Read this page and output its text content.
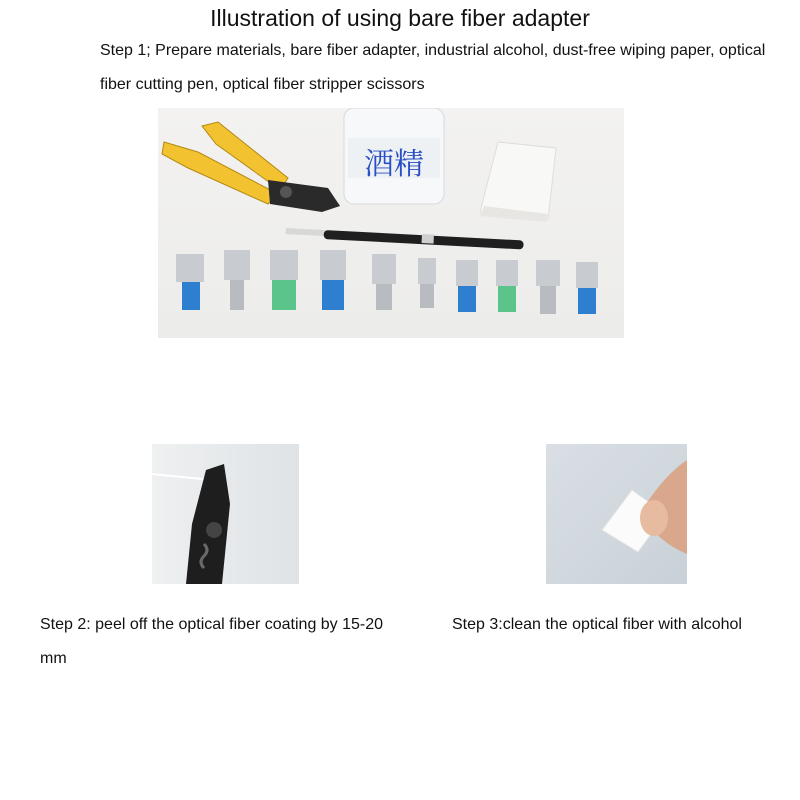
Illustration of using bare fiber adapter
Step 1; Prepare materials, bare fiber adapter, industrial alcohol, dust-free wiping paper, optical fiber cutting pen, optical fiber stripper scissors
酒精
Step 2: peel off the optical fiber coating by 15-20 mm
Step 3:clean the optical fiber with alcohol
